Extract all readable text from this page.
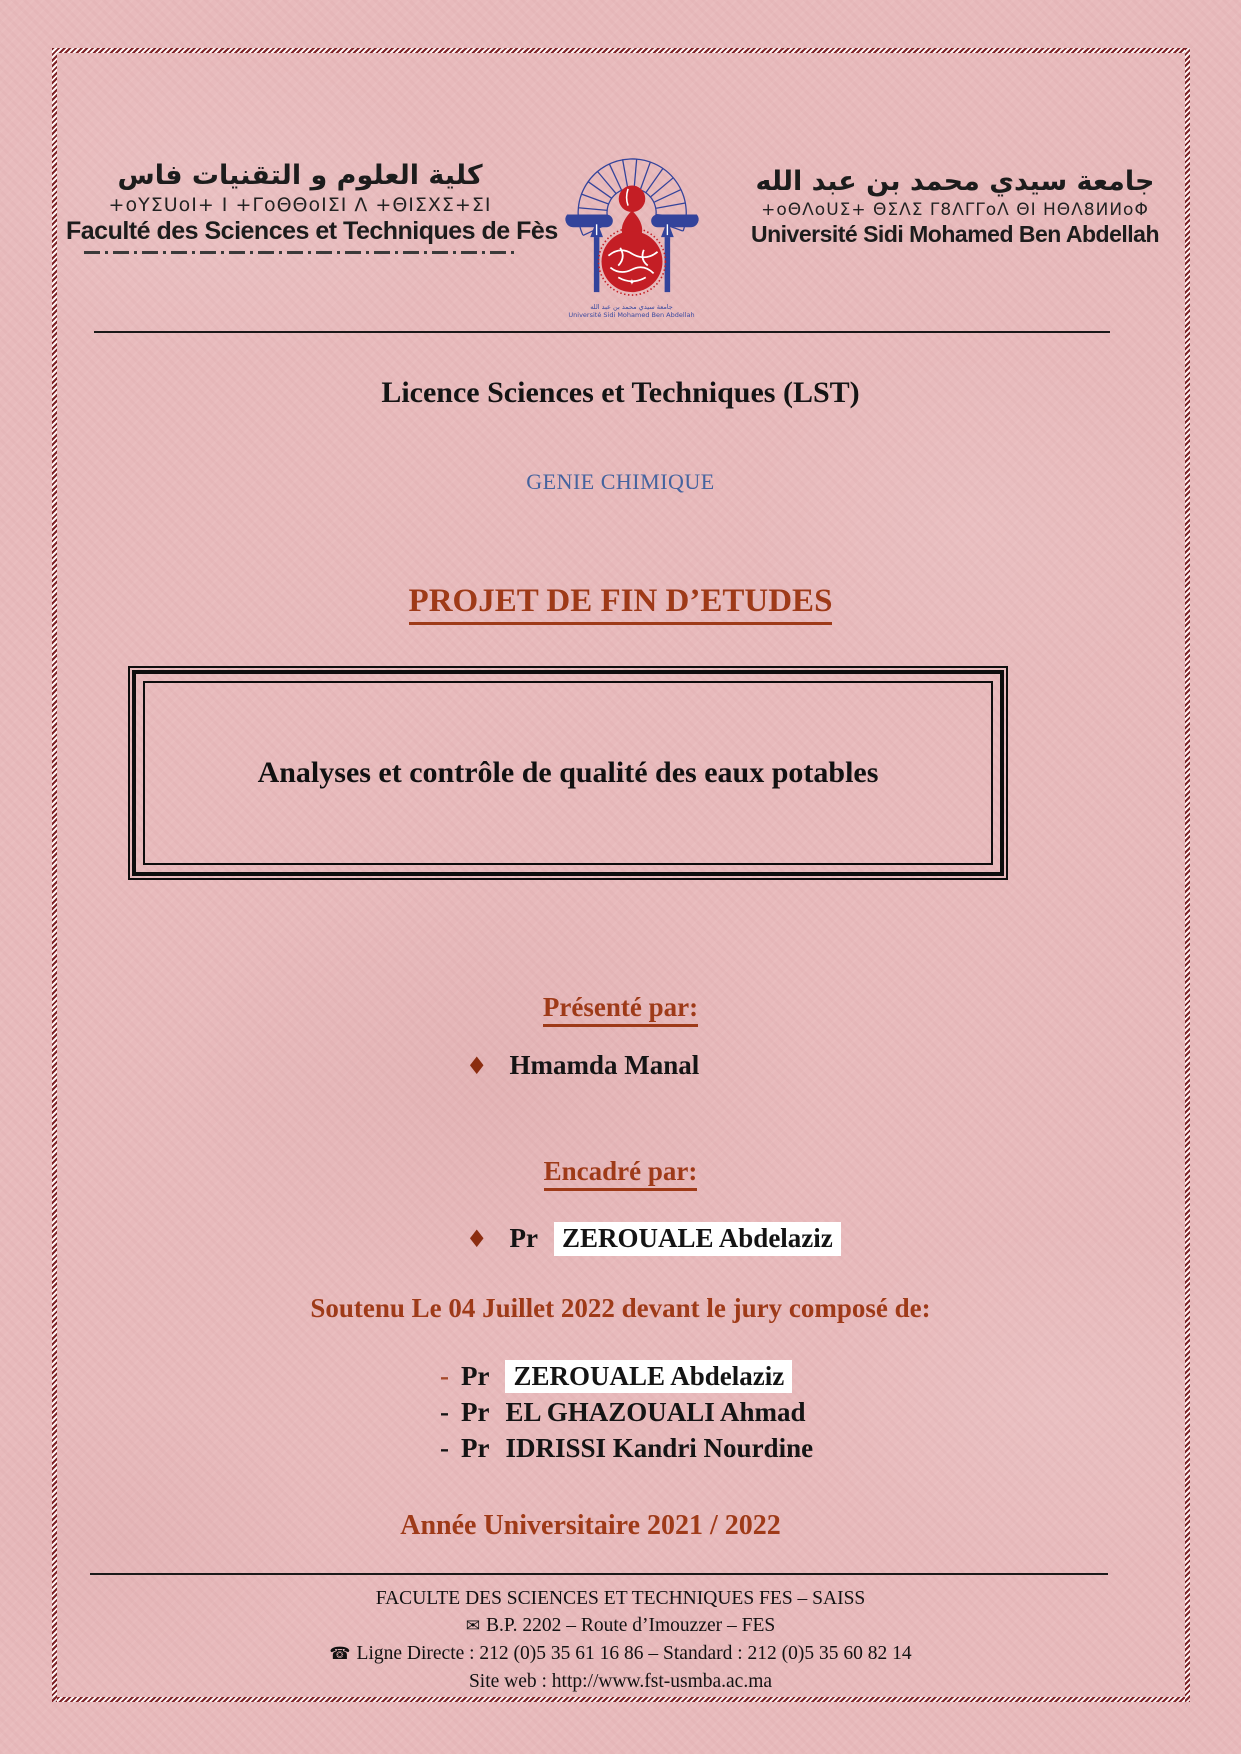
كلية العلوم و التقنيات فاس
+oYΣUoI+ I +ΓoΘΘoIΣI Λ +ΘIΣXΣ+ΣI
Faculté des Sciences et Techniques de Fès
✦
جامعة سيدي محمد بن عبد الله
Université Sidi Mohamed Ben Abdellah
جامعة سيدي محمد بن عبد الله
+oΘΛoUΣ+ ΘΣΛΣ Γ8ΛΓΓoΛ ΘI HΘΛ8ИИoΦ
Université Sidi Mohamed Ben Abdellah
Licence Sciences et Techniques (LST)
GENIE CHIMIQUE
PROJET DE FIN D’ETUDES
Analyses et contrôle de qualité des eaux potables
Présenté par:
♦ Hmamda Manal
Encadré par:
♦ Pr ZEROUALE Abdelaziz
Soutenu Le 04 Juillet 2022 devant le jury composé de:
- Pr ZEROUALE Abdelaziz
- Pr EL GHAZOUALI Ahmad
- Pr IDRISSI Kandri Nourdine
Année Universitaire 2021 / 2022
FACULTE DES SCIENCES ET TECHNIQUES FES – SAISS
✉ B.P. 2202 – Route d’Imouzzer – FES
☎ Ligne Directe : 212 (0)5 35 61 16 86 – Standard : 212 (0)5 35 60 82 14
Site web : http://www.fst-usmba.ac.ma
